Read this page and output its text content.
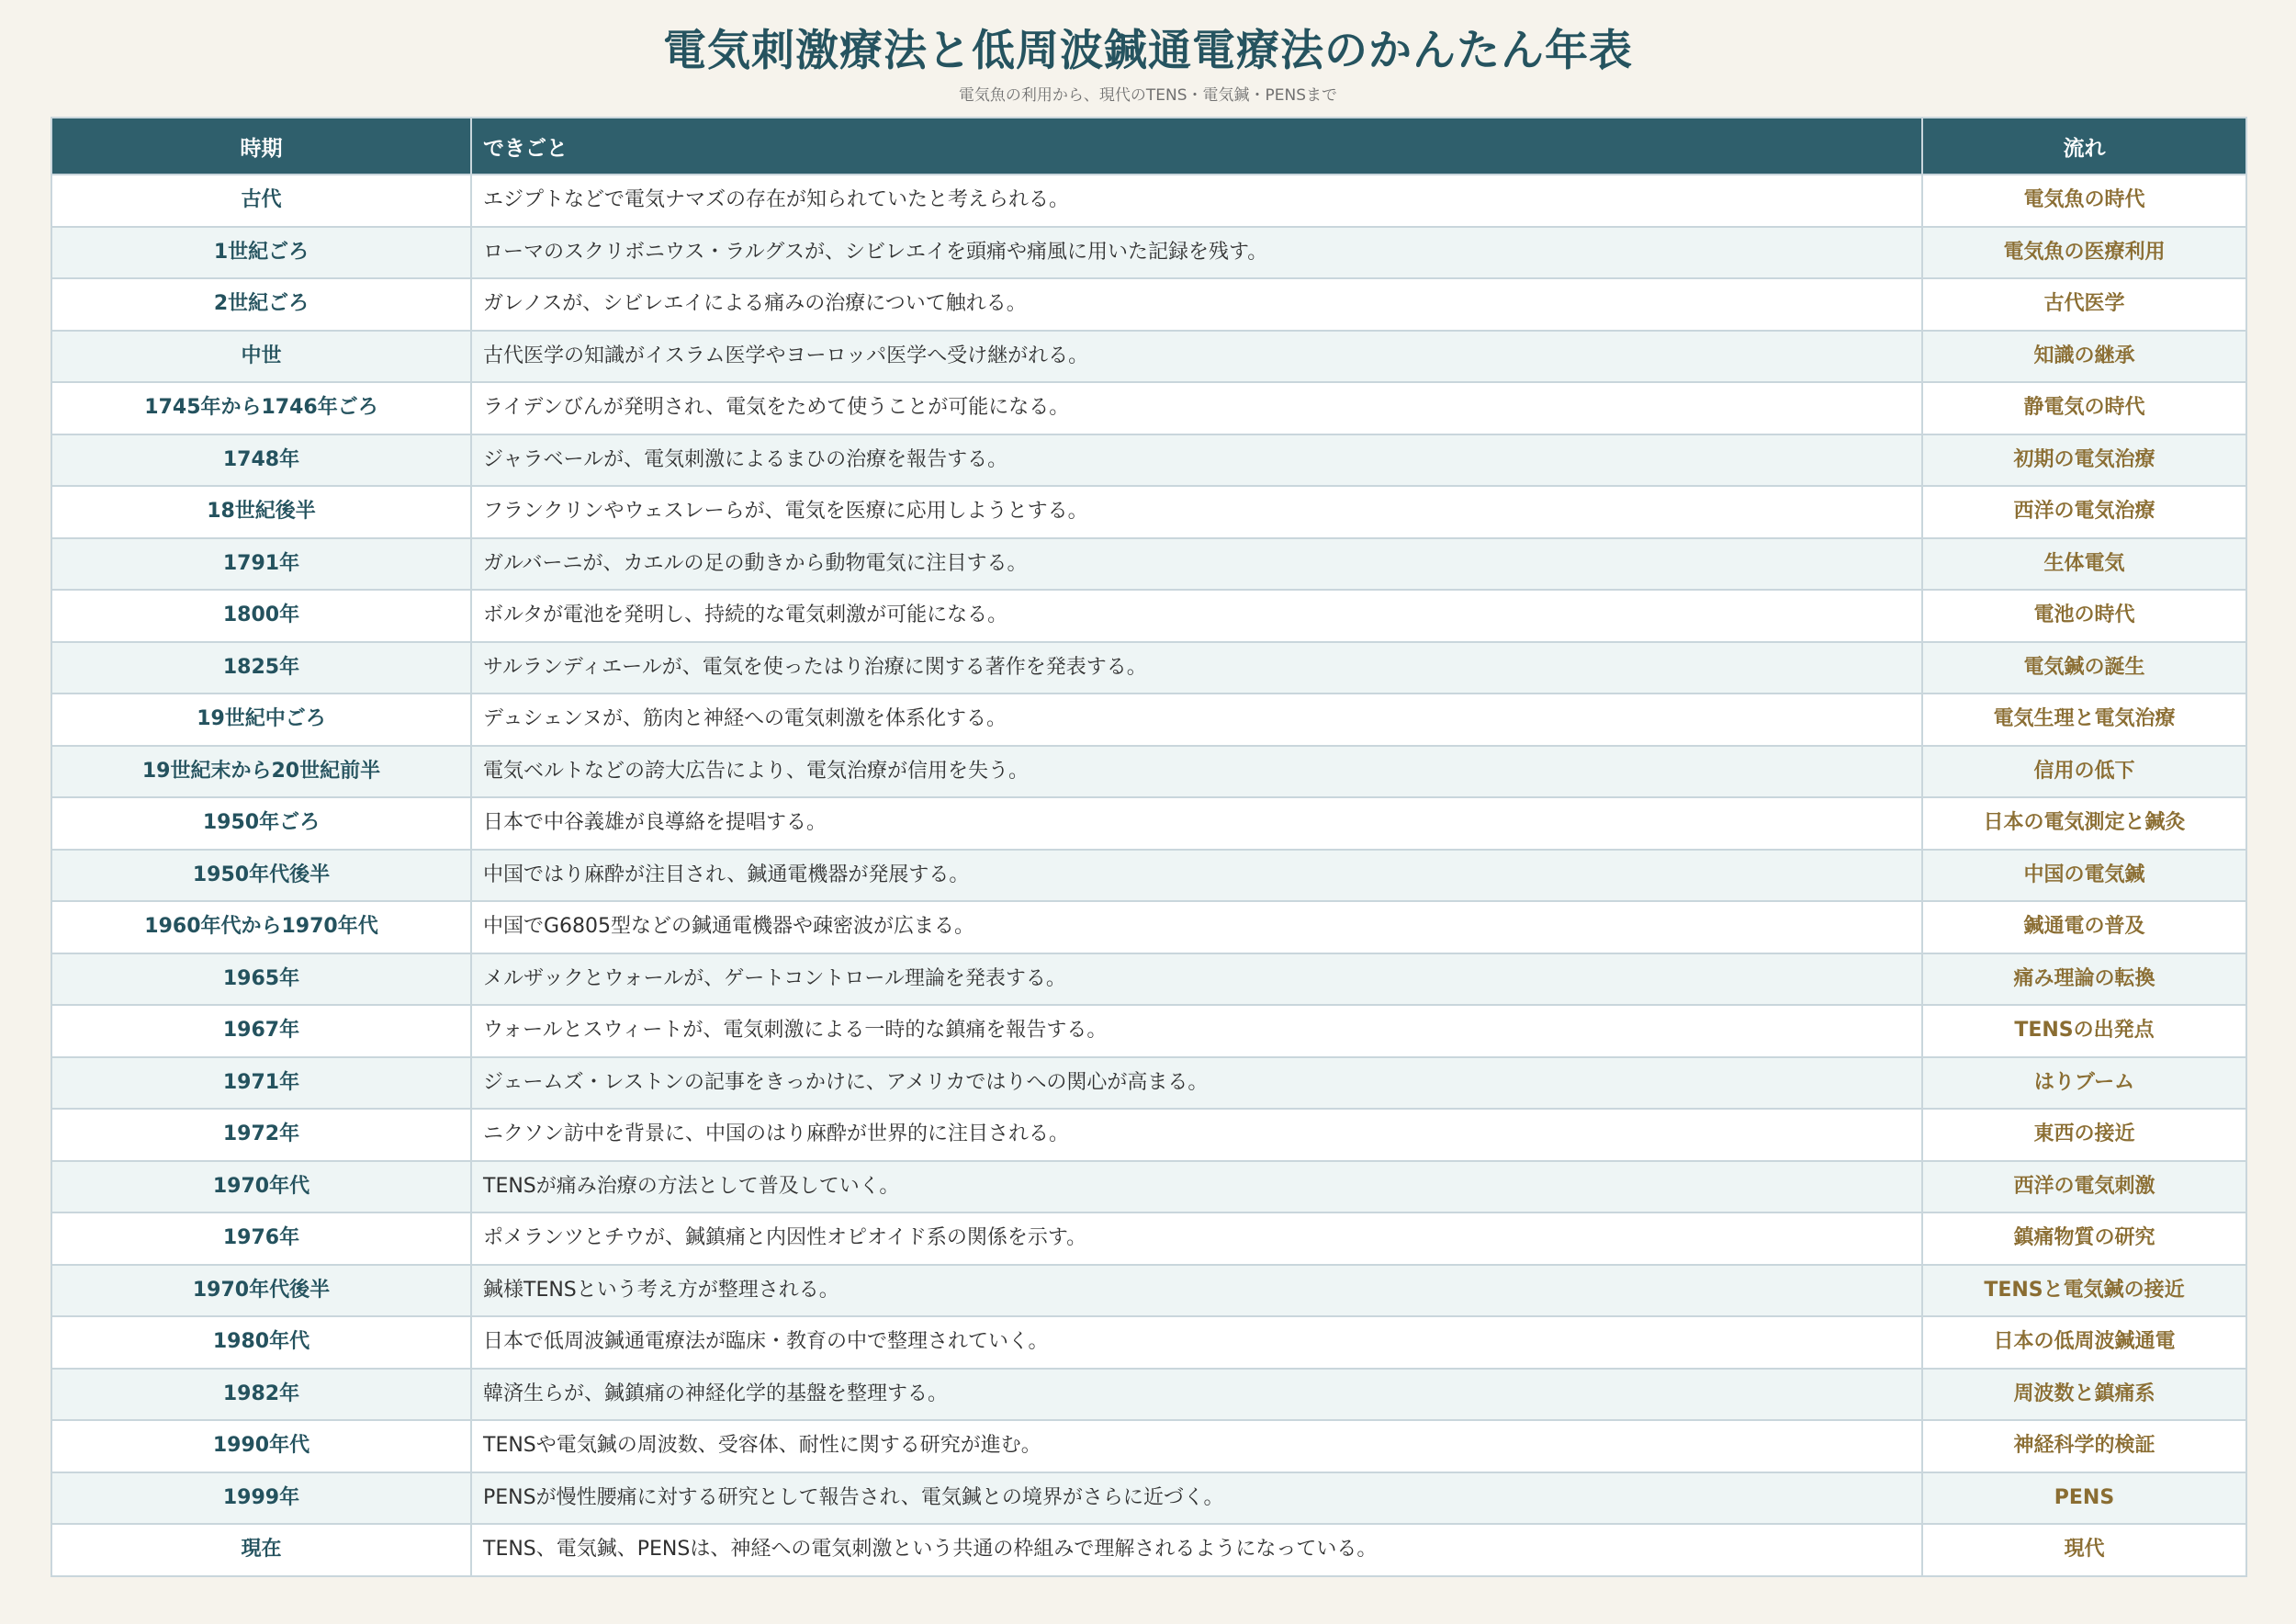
電気刺激療法と低周波鍼通電療法のかんたん年表
電気魚の利用から、現代のTENS・電気鍼・PENSまで
時期	できごと	流れ
古代	エジプトなどで電気ナマズの存在が知られていたと考えられる。	電気魚の時代
1世紀ごろ	ローマのスクリボニウス・ラルグスが、シビレエイを頭痛や痛風に用いた記録を残す。	電気魚の医療利用
2世紀ごろ	ガレノスが、シビレエイによる痛みの治療について触れる。	古代医学
中世	古代医学の知識がイスラム医学やヨーロッパ医学へ受け継がれる。	知識の継承
1745年から1746年ごろ	ライデンびんが発明され、電気をためて使うことが可能になる。	静電気の時代
1748年	ジャラベールが、電気刺激によるまひの治療を報告する。	初期の電気治療
18世紀後半	フランクリンやウェスレーらが、電気を医療に応用しようとする。	西洋の電気治療
1791年	ガルバーニが、カエルの足の動きから動物電気に注目する。	生体電気
1800年	ボルタが電池を発明し、持続的な電気刺激が可能になる。	電池の時代
1825年	サルランディエールが、電気を使ったはり治療に関する著作を発表する。	電気鍼の誕生
19世紀中ごろ	デュシェンヌが、筋肉と神経への電気刺激を体系化する。	電気生理と電気治療
19世紀末から20世紀前半	電気ベルトなどの誇大広告により、電気治療が信用を失う。	信用の低下
1950年ごろ	日本で中谷義雄が良導絡を提唱する。	日本の電気測定と鍼灸
1950年代後半	中国ではり麻酔が注目され、鍼通電機器が発展する。	中国の電気鍼
1960年代から1970年代	中国でG6805型などの鍼通電機器や疎密波が広まる。	鍼通電の普及
1965年	メルザックとウォールが、ゲートコントロール理論を発表する。	痛み理論の転換
1967年	ウォールとスウィートが、電気刺激による一時的な鎮痛を報告する。	TENSの出発点
1971年	ジェームズ・レストンの記事をきっかけに、アメリカではりへの関心が高まる。	はりブーム
1972年	ニクソン訪中を背景に、中国のはり麻酔が世界的に注目される。	東西の接近
1970年代	TENSが痛み治療の方法として普及していく。	西洋の電気刺激
1976年	ポメランツとチウが、鍼鎮痛と内因性オピオイド系の関係を示す。	鎮痛物質の研究
1970年代後半	鍼様TENSという考え方が整理される。	TENSと電気鍼の接近
1980年代	日本で低周波鍼通電療法が臨床・教育の中で整理されていく。	日本の低周波鍼通電
1982年	韓済生らが、鍼鎮痛の神経化学的基盤を整理する。	周波数と鎮痛系
1990年代	TENSや電気鍼の周波数、受容体、耐性に関する研究が進む。	神経科学的検証
1999年	PENSが慢性腰痛に対する研究として報告され、電気鍼との境界がさらに近づく。	PENS
現在	TENS、電気鍼、PENSは、神経への電気刺激という共通の枠組みで理解されるようになっている。	現代
